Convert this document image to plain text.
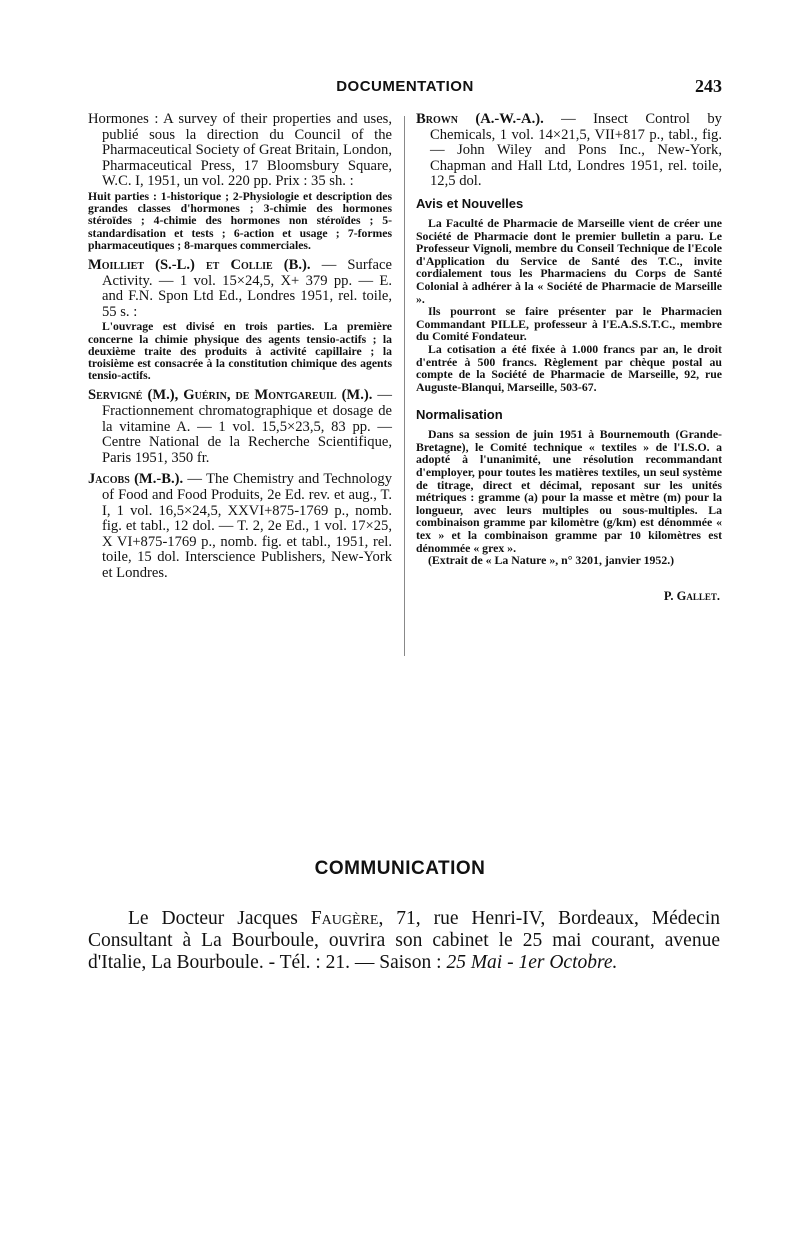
DOCUMENTATION	243
Hormones : A survey of their properties and uses, publié sous la direction du Council of the Pharmaceutical Society of Great Britain, London, Pharmaceutical Press, 17 Bloomsbury Square, W.C. I, 1951, un vol. 220 pp. Prix : 35 sh. :
Huit parties : 1-historique ; 2-Physiologie et description des grandes classes d'hormones ; 3-chimie des hormones stéroïdes ; 4-chimie des hormones non stéroïdes ; 5-standardisation et tests ; 6-action et usage ; 7-formes pharmaceutiques ; 8-marques commerciales.
Moilliet (S.-L.) et Collie (B.). — Surface Activity. — 1 vol. 15×24,5, X+ 379 pp. — E. and F.N. Spon Ltd Ed., Londres 1951, rel. toile, 55 s. :
L'ouvrage est divisé en trois parties. La première concerne la chimie physique des agents tensio-actifs ; la deuxième traite des produits à activité capillaire ; la troisième est consacrée à la constitution chimique des agents tensio-actifs.
Servigné (M.), Guérin, de Montgareuil (M.). — Fractionnement chromatographique et dosage de la vitamine A. — 1 vol. 15,5×23,5, 83 pp. — Centre National de la Recherche Scientifique, Paris 1951, 350 fr.
Jacobs (M.-B.). — The Chemistry and Technology of Food and Food Produits, 2e Ed. rev. et aug., T. I, 1 vol. 16,5×24,5, XXVI+875-1769 p., nomb. fig. et tabl., 12 dol. — T. 2, 2e Ed., 1 vol. 17×25, X VI+875-1769 p., nomb. fig. et tabl., 1951, rel. toile, 15 dol. Interscience Publishers, New-York et Londres.
Brown (A.-W.-A.). — Insect Control by Chemicals, 1 vol. 14×21,5, VII+817 p., tabl., fig. — John Wiley and Pons Inc., New-York, Chapman and Hall Ltd, Londres 1951, rel. toile, 12,5 dol.
Avis et Nouvelles

La Faculté de Pharmacie de Marseille vient de créer une Société de Pharmacie dont le premier bulletin a paru. Le Professeur Vignoli, membre du Conseil Technique de l'Ecole d'Application du Service de Santé des T.C., invite cordialement tous les Pharmaciens du Corps de Santé Colonial à adhérer à la « Société de Pharmacie de Marseille ».

Ils pourront se faire présenter par le Pharmacien Commandant PILLE, professeur à l'E.A.S.S.T.C., membre du Comité Fondateur.

La cotisation a été fixée à 1.000 francs par an, le droit d'entrée à 500 francs. Règlement par chèque postal au compte de la Société de Pharmacie de Marseille, 92, rue Auguste-Blanqui, Marseille, 503-67.

Normalisation

Dans sa session de juin 1951 à Bournemouth (Grande-Bretagne), le Comité technique « textiles » de l'I.S.O. a adopté à l'unanimité, une résolution recommandant d'employer, pour toutes les matières textiles, un seul système de titrage, direct et décimal, reposant sur les unités métriques : gramme (a) pour la masse et mètre (m) pour la longueur, avec leurs multiples ou sous-multiples. La combinaison gramme par kilomètre (g/km) est dénommée « tex » et la combinaison gramme par 10 kilomètres est dénommée « grex ».

(Extrait de « La Nature », n° 3201, janvier 1952.)

P. Gallet.
COMMUNICATION
Le Docteur Jacques Faugère, 71, rue Henri-IV, Bordeaux, Médecin Consultant à La Bourboule, ouvrira son cabinet le 25 mai courant, avenue d'Italie, La Bourboule. - Tél. : 21. — Saison : 25 Mai - 1er Octobre.
